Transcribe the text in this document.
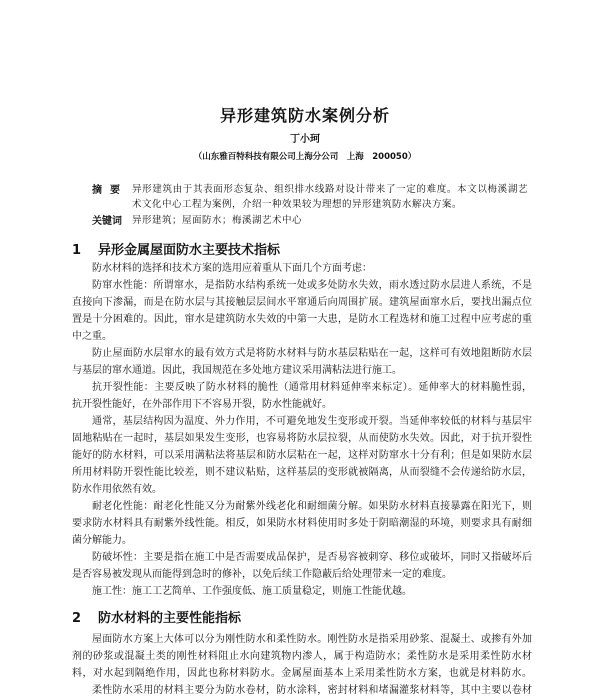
异形建筑防水案例分析
丁小珂
（山东雅百特科技有限公司上海分公司　上海　200050）
摘要 异形建筑由于其表面形态复杂、组织排水线路对设计带来了一定的难度。本文以梅溪湖艺
术文化中心工程为案例，介绍一种效果较为理想的异形建筑防水解决方案。
关键词 异形建筑；屋面防水；梅溪湖艺术中心
1 异形金属屋面防水主要技术指标
防水材料的选择和技术方案的选用应着重从下面几个方面考虑：
防窜水性能：所谓窜水，是指防水结构系统一处或多处防水失效，雨水透过防水层进人系统，不是
直接向下渗漏，而是在防水层与其接触层层间水平窜通后向周围扩展。建筑屋面窜水后，要找出漏点位
置是十分困难的。因此，窜水是建筑防水失效的中第一大患，是防水工程选材和施工过程中应考虑的重
中之重。
防止屋面防水层窜水的最有效方式是将防水材料与防水基层粘贴在一起，这样可有效地阻断防水层
与基层的窜水通道。因此，我国规范在多处地方建议采用满粘法进行施工。
抗开裂性能：主要反映了防水材料的脆性（通常用材料延伸率来标定）。延伸率大的材料脆性弱，
抗开裂性能好，在外部作用下不容易开裂，防水性能就好。
通常，基层结构因为温度、外力作用，不可避免地发生变形或开裂。当延伸率较低的材料与基层牢
固地粘贴在一起时，基层如果发生变形，也容易将防水层拉裂，从而使防水失效。因此，对于抗开裂性
能好的防水材料，可以采用满粘法将基层和防水层粘在一起，这样对防窜水十分有利；但是如果防水层
所用材料防开裂性能比较差，则不建议粘贴，这样基层的变形就被隔离，从而裂缝不会传递给防水层，
防水作用依然有效。
耐老化性能：耐老化性能又分为耐紫外线老化和耐细菌分解。如果防水材料直接暴露在阳光下，则
要求防水材料具有耐紫外线性能。相反，如果防水材料使用时多处于阴暗潮湿的环境，则要求具有耐细
菌分解能力。
防破坏性：主要是指在施工中是否需要成品保护，是否易容被刺穿、移位或破坏，同时又指破坏后
是否容易被发现从而能得到急时的修补，以免后续工作隐蔽后给处理带来一定的难度。
施工性：施工工艺简单、工作强度低、施工质量稳定，则施工性能优越。
2 防水材料的主要性能指标
屋面防水方案上大体可以分为刚性防水和柔性防水。刚性防水是指采用砂浆、混凝土、或掺有外加
剂的砂浆或混凝土类的刚性材料阻止水向建筑物内渗人，属于构造防水；柔性防水是采用柔性防水材
料，对水起到隔绝作用，因此也称材料防水。金属屋面基本上采用柔性防水方案，也就是材料防水。
柔性防水采用的材料主要分为防水卷材，防水涂料，密封材料和堵漏灌浆材料等，其中主要以卷材
